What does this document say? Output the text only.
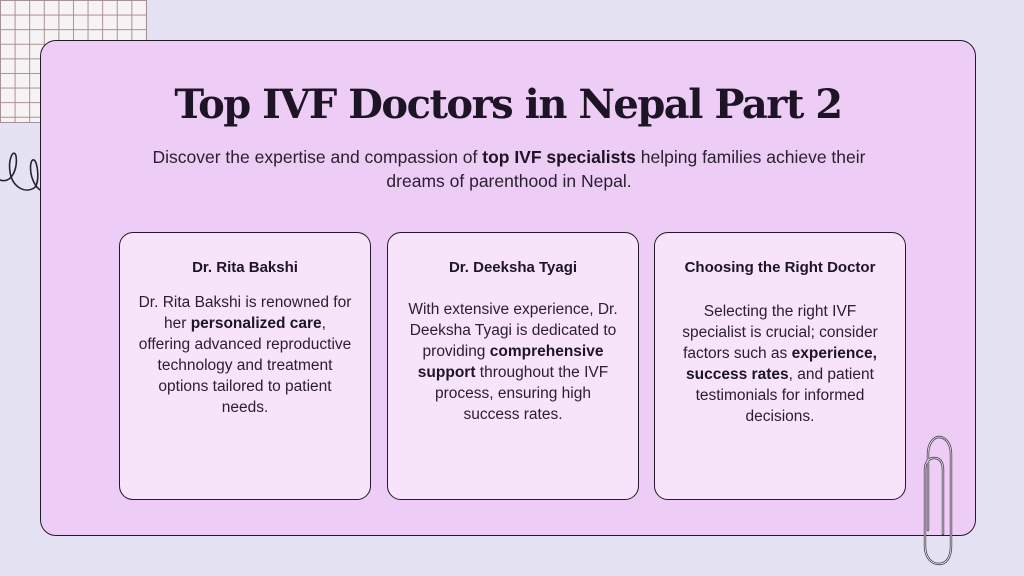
Top IVF Doctors in Nepal Part 2

Discover the expertise and compassion of top IVF specialists helping families achieve their dreams of parenthood in Nepal.

Dr. Rita Bakshi

Dr. Rita Bakshi is renowned for her personalized care, offering advanced reproductive technology and treatment options tailored to patient needs.

Dr. Deeksha Tyagi

With extensive experience, Dr. Deeksha Tyagi is dedicated to providing comprehensive support throughout the IVF process, ensuring high success rates.

Choosing the Right Doctor

Selecting the right IVF specialist is crucial; consider factors such as experience, success rates, and patient testimonials for informed decisions.
